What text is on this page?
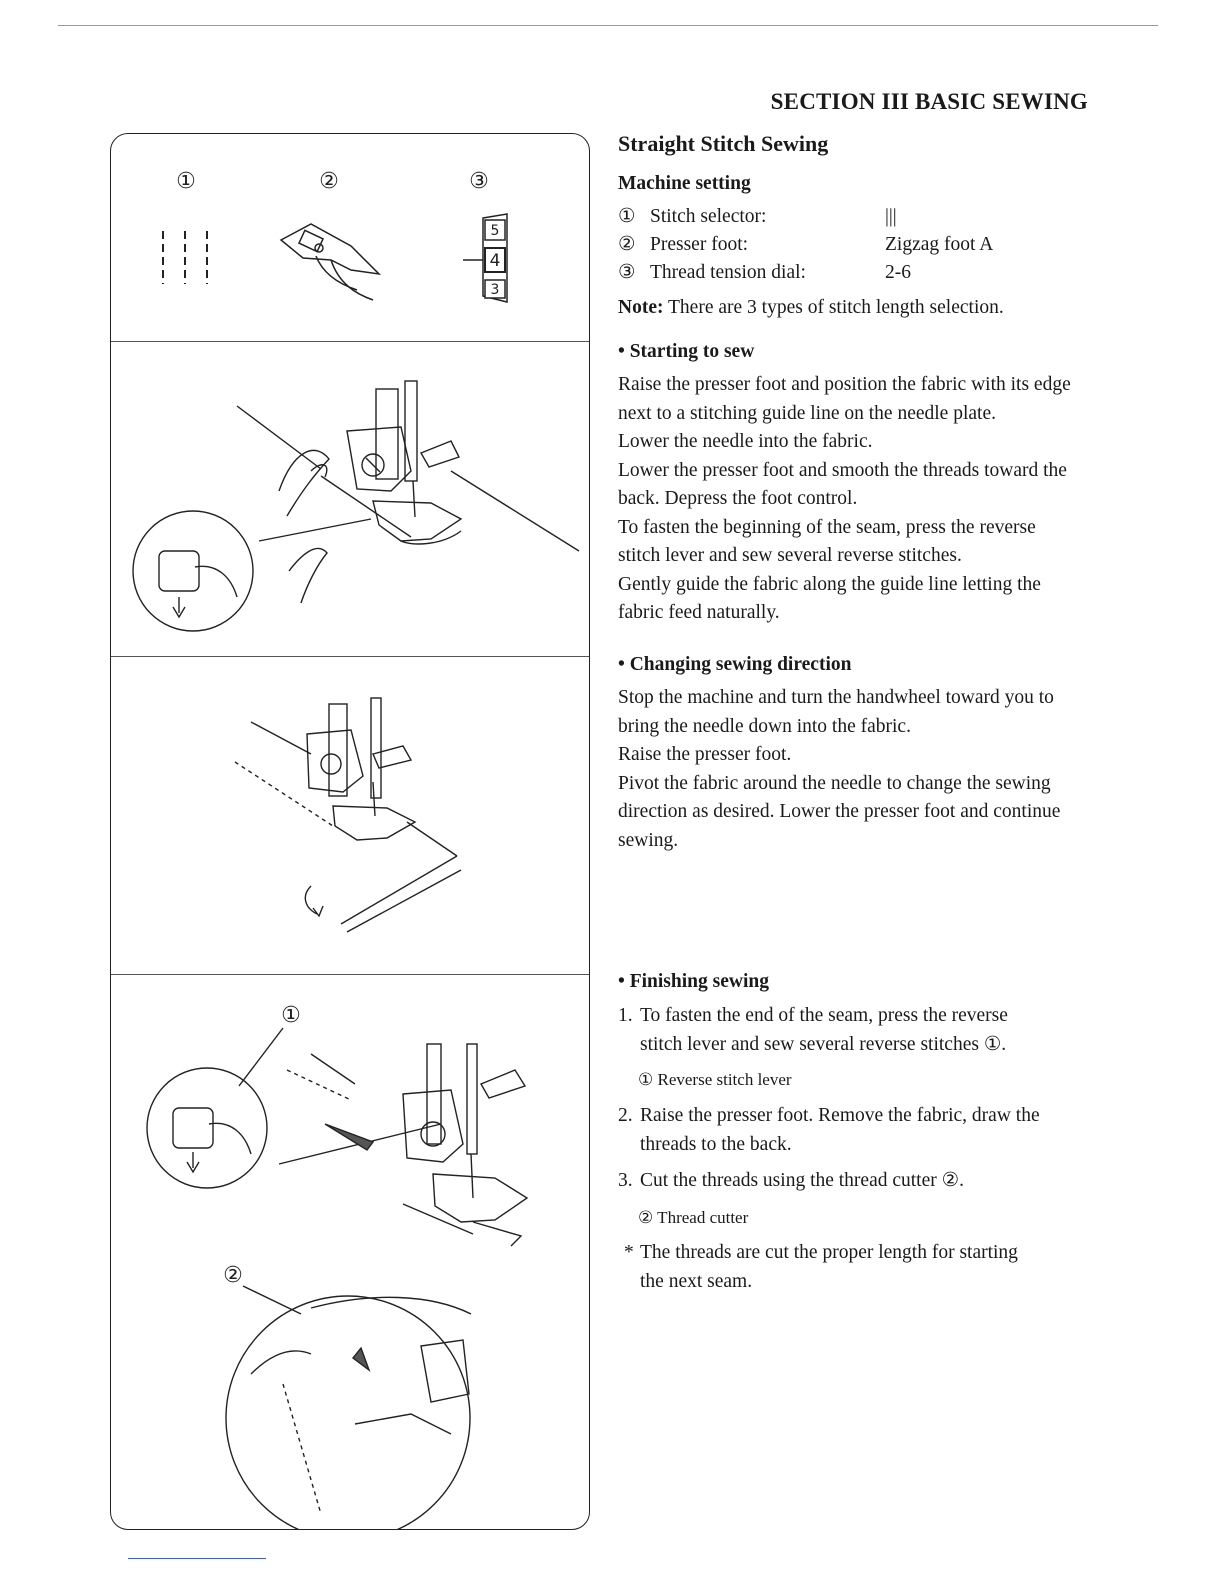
①	②	③
5
4
3
①
②
SECTION III BASIC SEWING
Straight Stitch Sewing
Machine setting
① Stitch selector:	|||
② Presser foot:	Zigzag foot A
③ Thread tension dial:	2-6
Note: There are 3 types of stitch length selection.
• Starting to sew

Raise the presser foot and position the fabric with its edge

next to a stitching guide line on the needle plate.

Lower the needle into the fabric.

Lower the presser foot and smooth the threads toward the

back. Depress the foot control.

To fasten the beginning of the seam, press the reverse

stitch lever and sew several reverse stitches.

Gently guide the fabric along the guide line letting the

fabric feed naturally.

• Changing sewing direction

Stop the machine and turn the handwheel toward you to

bring the needle down into the fabric.

Raise the presser foot.

Pivot the fabric around the needle to change the sewing

direction as desired. Lower the presser foot and continue

sewing.

• Finishing sewing
1. To fasten the end of the seam, press the reverse
stitch lever and sew several reverse stitches ①.
① Reverse stitch lever
2. Raise the presser foot. Remove the fabric, draw the
threads to the back.
3. Cut the threads using the thread cutter ②.
② Thread cutter
* The threads are cut the proper length for starting
the next seam.
